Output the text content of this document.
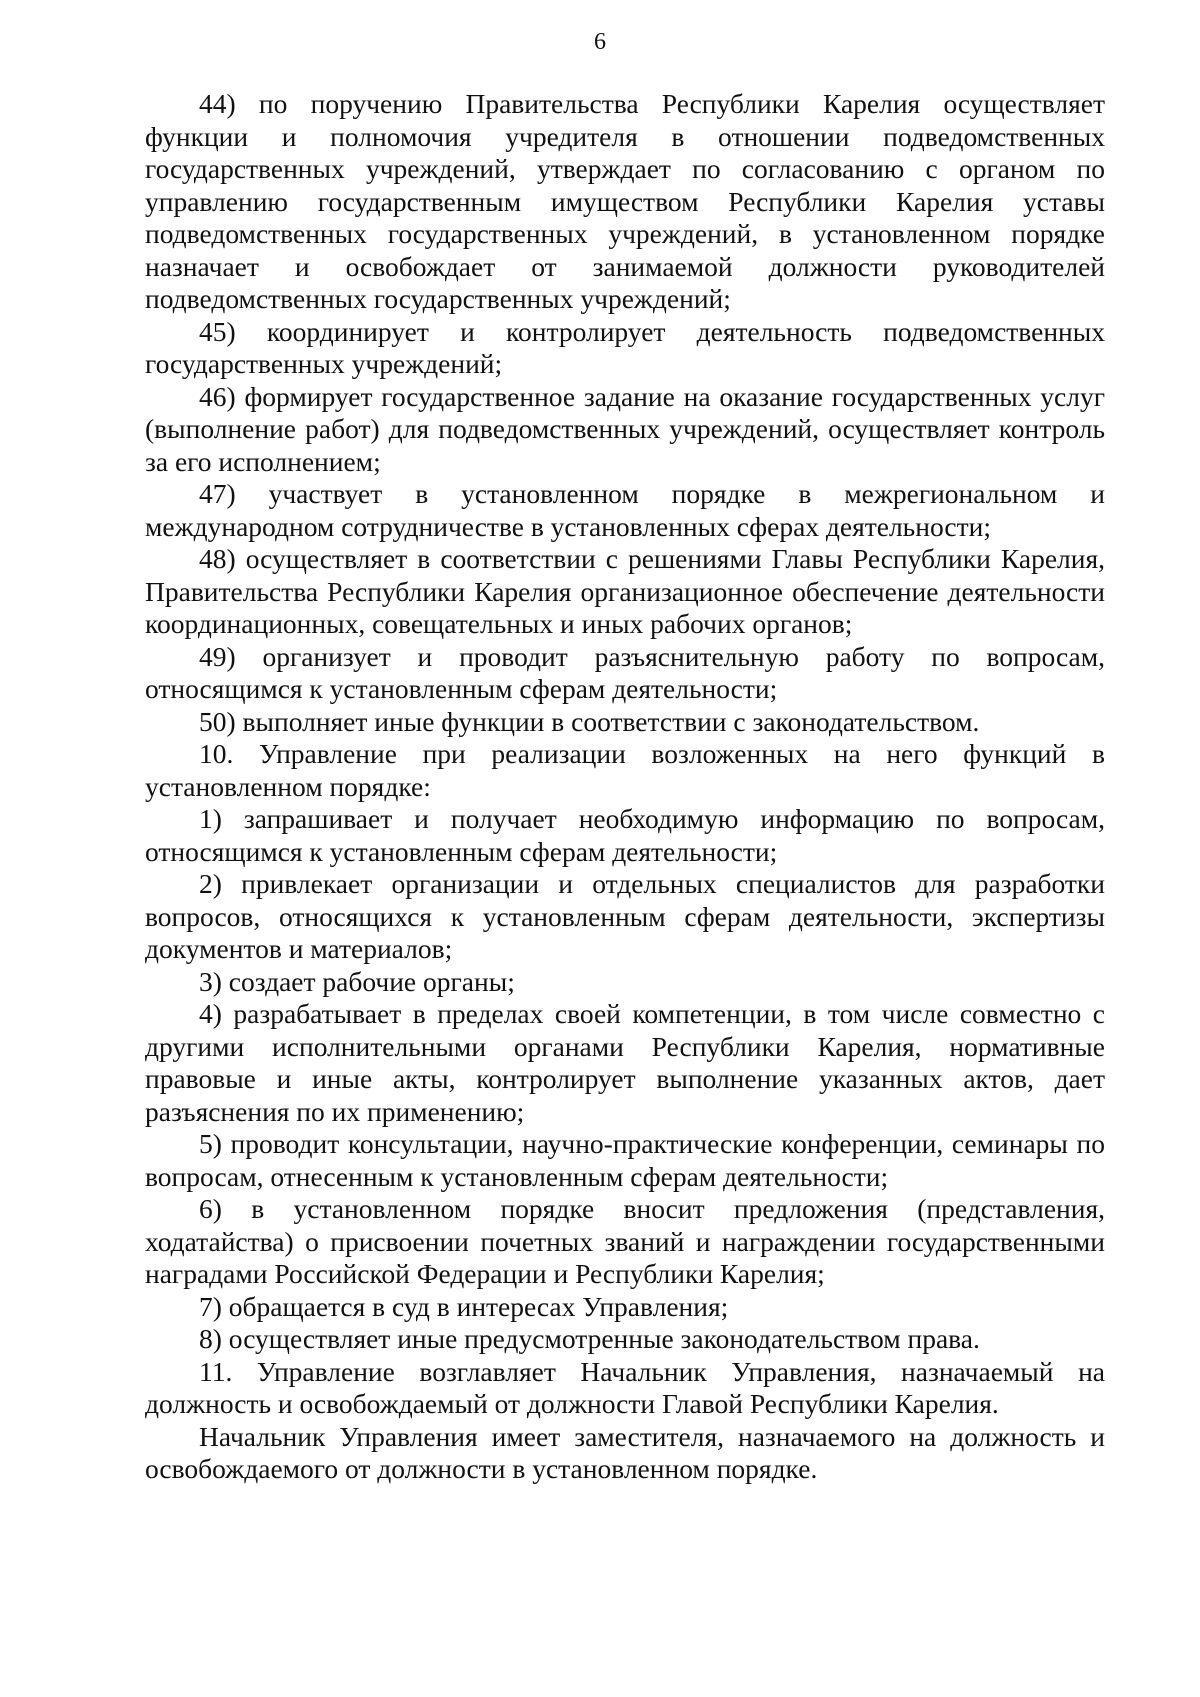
6

44) по поручению Правительства Республики Карелия осуществляет функции и полномочия учредителя в отношении подведомственных государственных учреждений, утверждает по согласованию с органом по управлению государственным имуществом Республики Карелия уставы подведомственных государственных учреждений, в установленном порядке назначает и освобождает от занимаемой должности руководителей подведомственных государственных учреждений;

45) координирует и контролирует деятельность подведомственных государственных учреждений;

46) формирует государственное задание на оказание государственных услуг (выполнение работ) для подведомственных учреждений, осуществляет контроль за его исполнением;

47) участвует в установленном порядке в межрегиональном и международном сотрудничестве в установленных сферах деятельности;

48) осуществляет в соответствии с решениями Главы Республики Карелия, Правительства Республики Карелия организационное обеспечение деятельности координационных, совещательных и иных рабочих органов;

49) организует и проводит разъяснительную работу по вопросам, относящимся к установленным сферам деятельности;

50) выполняет иные функции в соответствии с законодательством.

10. Управление при реализации возложенных на него функций в установленном порядке:

1) запрашивает и получает необходимую информацию по вопросам, относящимся к установленным сферам деятельности;

2) привлекает организации и отдельных специалистов для разработки вопросов, относящихся к установленным сферам деятельности, экспертизы документов и материалов;

3) создает рабочие органы;

4) разрабатывает в пределах своей компетенции, в том числе совместно с другими исполнительными органами Республики Карелия, нормативные правовые и иные акты, контролирует выполнение указанных актов, дает разъяснения по их применению;

5) проводит консультации, научно-практические конференции, семинары по вопросам, отнесенным к установленным сферам деятельности;

6) в установленном порядке вносит предложения (представления, ходатайства) о присвоении почетных званий и награждении государственными наградами Российской Федерации и Республики Карелия;

7) обращается в суд в интересах Управления;

8) осуществляет иные предусмотренные законодательством права.

11. Управление возглавляет Начальник Управления, назначаемый на должность и освобождаемый от должности Главой Республики Карелия.

Начальник Управления имеет заместителя, назначаемого на должность и освобождаемого от должности в установленном порядке.
